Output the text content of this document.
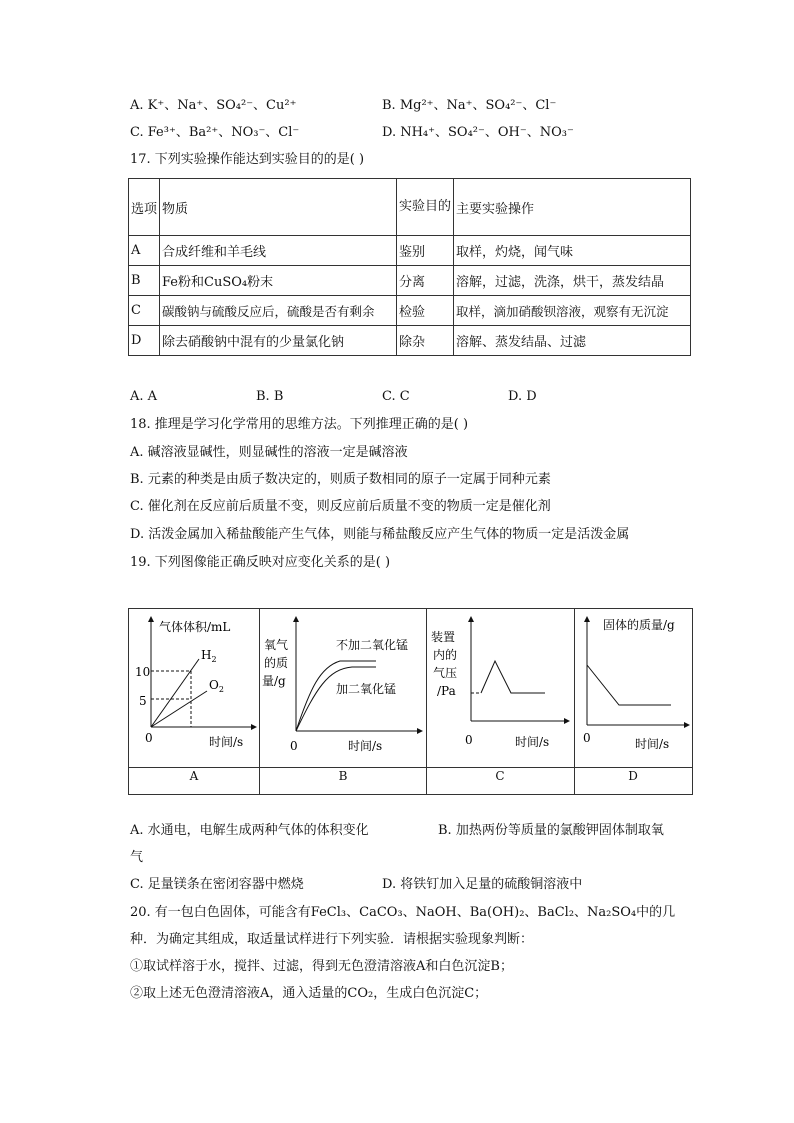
A. K⁺、Na⁺、SO₄²⁻、Cu²⁺	B. Mg²⁺、Na⁺、SO₄²⁻、Cl⁻
C. Fe³⁺、Ba²⁺、NO₃⁻、Cl⁻	D. NH₄⁺、SO₄²⁻、OH⁻、NO₃⁻
17. 下列实验操作能达到实验目的的是( )
选项	物质	实验目的	主要实验操作
A	合成纤维和羊毛线	鉴别	取样，灼烧，闻气味
B	Fe粉和CuSO₄粉末	分离	溶解，过滤，洗涤，烘干，蒸发结晶
C	碳酸钠与硫酸反应后，硫酸是否有剩余	检验	取样，滴加硝酸钡溶液，观察有无沉淀
D	除去硝酸钠中混有的少量氯化钠	除杂	溶解、蒸发结晶、过滤
A. A	B. B	C. C	D. D
18. 推理是学习化学常用的思维方法。下列推理正确的是( )
A. 碱溶液显碱性，则显碱性的溶液一定是碱溶液
B. 元素的种类是由质子数决定的，则质子数相同的原子一定属于同种元素
C. 催化剂在反应前后质量不变，则反应前后质量不变的物质一定是催化剂
D. 活泼金属加入稀盐酸能产生气体，则能与稀盐酸反应产生气体的物质一定是活泼金属
19. 下列图像能正确反映对应变化关系的是( )
气体体积/mL
10
5
0	时间/s
$H_2$
$O_2$
氧气
的质
量/g
0	时间/s
不加二氧化锰
加二氧化锰
装置
内的
气压
/Pa
0	时间/s
固体的质量/g
0	时间/s
A	B	C	D
A. 水通电，电解生成两种气体的体积变化	B. 加热两份等质量的氯酸钾固体制取氧
气
C. 足量镁条在密闭容器中燃烧	D. 将铁钉加入足量的硫酸铜溶液中
20. 有一包白色固体，可能含有FeCl₃、CaCO₃、NaOH、Ba(OH)₂、BaCl₂、Na₂SO₄中的几
种．为确定其组成，取适量试样进行下列实验．请根据实验现象判断：
①取试样溶于水，搅拌、过滤，得到无色澄清溶液A和白色沉淀B；
②取上述无色澄清溶液A，通入适量的CO₂，生成白色沉淀C；
